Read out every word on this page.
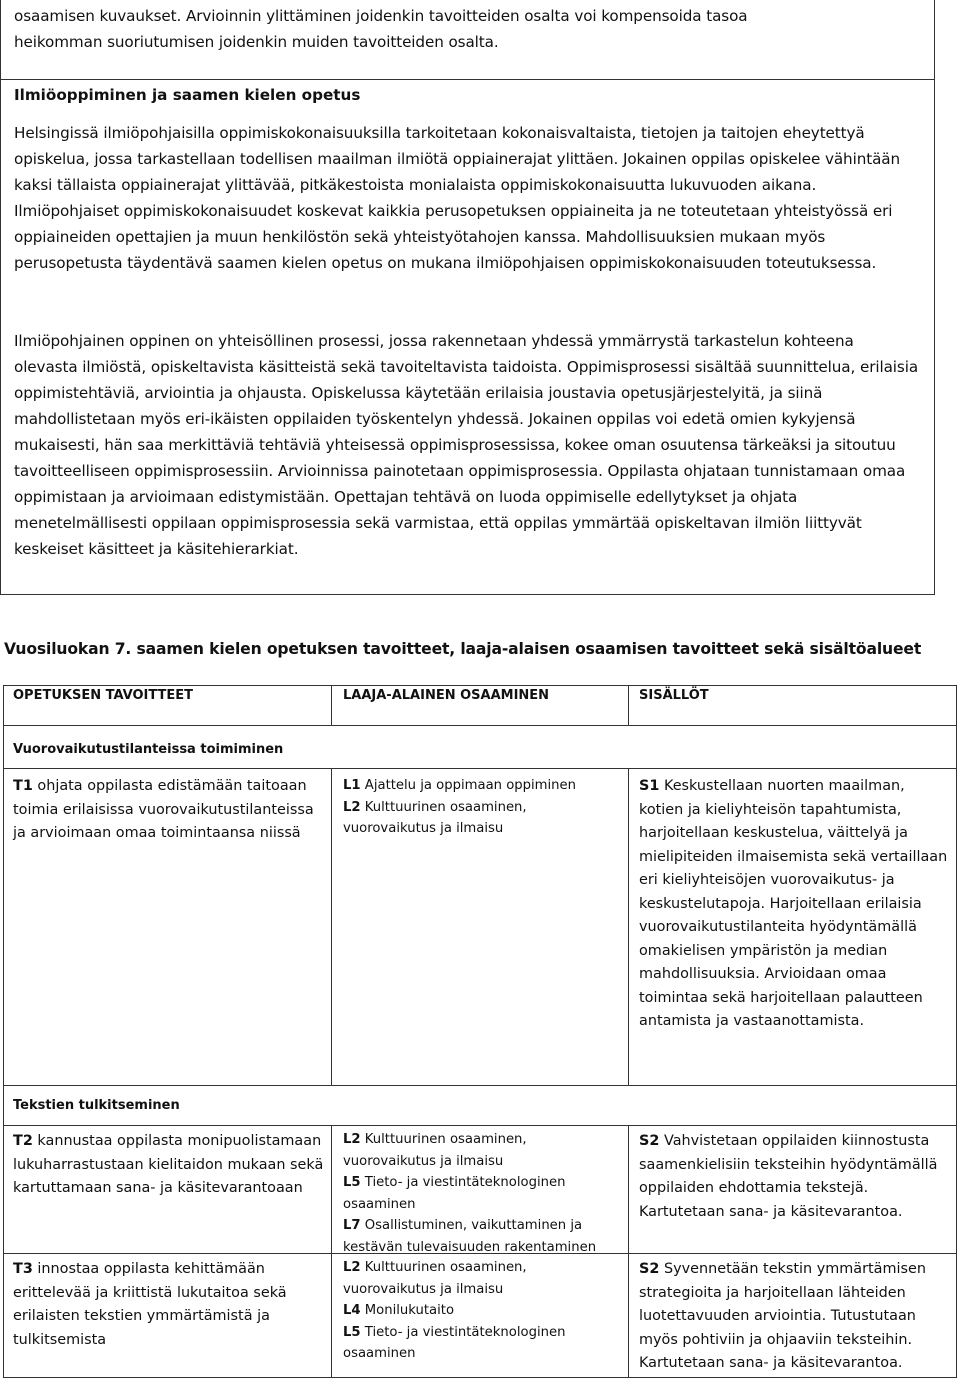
osaamisen kuvaukset. Arvioinnin ylittäminen joidenkin tavoitteiden osalta voi kompensoida tasoa

heikomman suoriutumisen joidenkin muiden tavoitteiden osalta.

Ilmiöoppiminen ja saamen kielen opetus

Helsingissä ilmiöpohjaisilla oppimiskokonaisuuksilla tarkoitetaan kokonaisvaltaista, tietojen ja taitojen eheytettyä opiskelua, jossa tarkastellaan todellisen maailman ilmiötä oppiainerajat ylittäen. Jokainen oppilas opiskelee vähintään kaksi tällaista oppiainerajat ylittävää, pitkäkestoista monialaista oppimiskokonaisuutta lukuvuoden aikana. Ilmiöpohjaiset oppimiskokonaisuudet koskevat kaikkia perusopetuksen oppiaineita ja ne toteutetaan yhteistyössä eri oppiaineiden opettajien ja muun henkilöstön sekä yhteistyötahojen kanssa. Mahdollisuuksien mukaan myös perusopetusta täydentävä saamen kielen opetus on mukana ilmiöpohjaisen oppimiskokonaisuuden toteutuksessa.

Ilmiöpohjainen oppinen on yhteisöllinen prosessi, jossa rakennetaan yhdessä ymmärrystä tarkastelun kohteena olevasta ilmiöstä, opiskeltavista käsitteistä sekä tavoiteltavista taidoista. Oppimisprosessi sisältää suunnittelua, erilaisia oppimistehtäviä, arviointia ja ohjausta. Opiskelussa käytetään erilaisia joustavia opetusjärjestelyitä, ja siinä mahdollistetaan myös eri-ikäisten oppilaiden työskentelyn yhdessä. Jokainen oppilas voi edetä omien kykyjensä mukaisesti, hän saa merkittäviä tehtäviä yhteisessä oppimisprosessissa, kokee oman osuutensa tärkeäksi ja sitoutuu tavoitteelliseen oppimisprosessiin. Arvioinnissa painotetaan oppimisprosessia. Oppilasta ohjataan tunnistamaan omaa oppimistaan ja arvioimaan edistymistään. Opettajan tehtävä on luoda oppimiselle edellytykset ja ohjata menetelmällisesti oppilaan oppimisprosessia sekä varmistaa, että oppilas ymmärtää opiskeltavan ilmiön liittyvät keskeiset käsitteet ja käsitehierarkiat.

Vuosiluokan 7. saamen kielen opetuksen tavoitteet, laaja-alaisen osaamisen tavoitteet sekä sisältöalueet

OPETUKSEN TAVOITTEET	LAAJA-ALAINEN OSAAMINEN	SISÄLLÖT

Vuorovaikutustilanteissa toimiminen

T1 ohjata oppilasta edistämään taitoaan toimia erilaisissa vuorovaikutustilanteissa ja arvioimaan omaa toimintaansa niissä

L1 Ajattelu ja oppimaan oppiminen
L2 Kulttuurinen osaaminen, vuorovaikutus ja ilmaisu

S1 Keskustellaan nuorten maailman, kotien ja kieliyhteisön tapahtumista, harjoitellaan keskustelua, väittelyä ja mielipiteiden ilmaisemista sekä vertaillaan eri kieliyhteisöjen vuorovaikutus- ja keskustelutapoja. Harjoitellaan erilaisia vuorovaikutustilanteita hyödyntämällä omakielisen ympäristön ja median mahdollisuuksia. Arvioidaan omaa toimintaa sekä harjoitellaan palautteen antamista ja vastaanottamista.

Tekstien tulkitseminen

T2 kannustaa oppilasta monipuolistamaan lukuharrastustaan kielitaidon mukaan sekä kartuttamaan sana- ja käsitevarantoaan

L2 Kulttuurinen osaaminen, vuorovaikutus ja ilmaisu
L5 Tieto- ja viestintäteknologinen osaaminen
L7 Osallistuminen, vaikuttaminen ja kestävän tulevaisuuden rakentaminen

S2 Vahvistetaan oppilaiden kiinnostusta saamenkielisiin teksteihin hyödyntämällä oppilaiden ehdottamia tekstejä. Kartutetaan sana- ja käsitevarantoa.

T3 innostaa oppilasta kehittämään erittelevää ja kriittistä lukutaitoa sekä erilaisten tekstien ymmärtämistä ja tulkitsemista

L2 Kulttuurinen osaaminen, vuorovaikutus ja ilmaisu
L4 Monilukutaito
L5 Tieto- ja viestintäteknologinen osaaminen

S2 Syvennetään tekstin ymmärtämisen strategioita ja harjoitellaan lähteiden luotettavuuden arviointia. Tutustutaan myös pohtiviin ja ohjaaviin teksteihin. Kartutetaan sana- ja käsitevarantoa.
